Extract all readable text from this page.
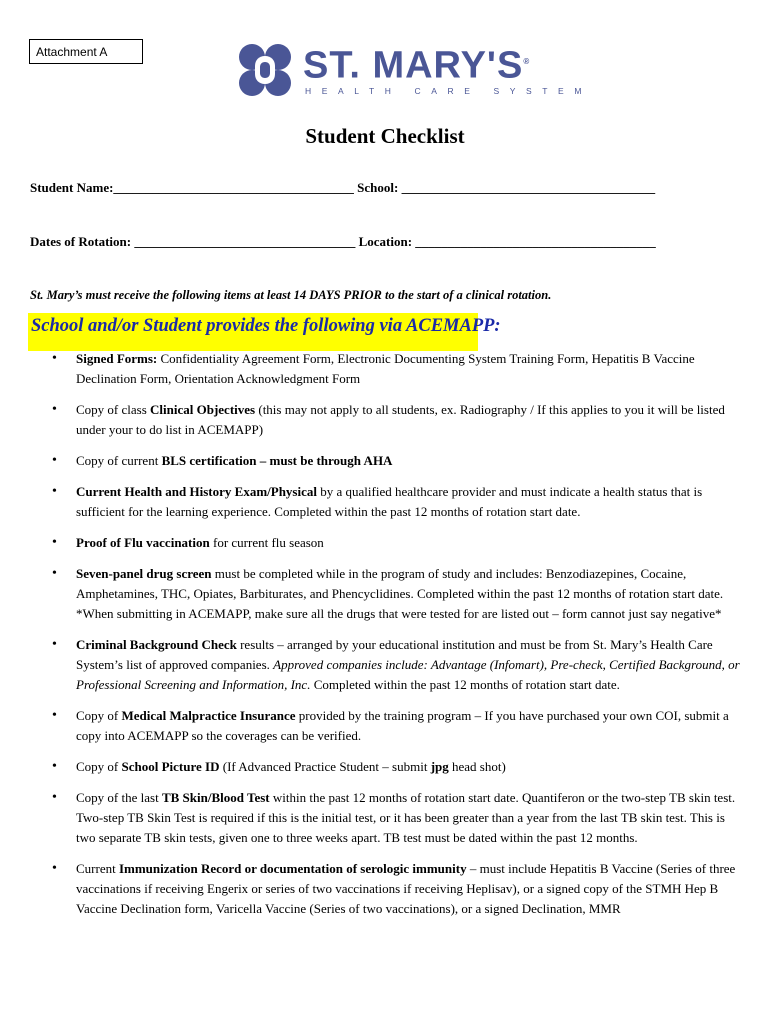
Attachment A	ST. MARY'S®
HEALTH CARE SYSTEM
Student Checklist
Student Name:_____________________________________ School: _______________________________________
Dates of Rotation: __________________________________ Location: _____________________________________
St. Mary’s must receive the following items at least 14 DAYS PRIOR to the start of a clinical rotation.
School and/or Student provides the following via ACEMAPP:
• Signed Forms: Confidentiality Agreement Form, Electronic Documenting System Training Form, Hepatitis B Vaccine Declination Form, Orientation Acknowledgment Form
• Copy of class Clinical Objectives (this may not apply to all students, ex. Radiography / If this applies to you it will be listed under your to do list in ACEMAPP)
• Copy of current BLS certification – must be through AHA
• Current Health and History Exam/Physical by a qualified healthcare provider and must indicate a health status that is sufficient for the learning experience. Completed within the past 12 months of rotation start date.
• Proof of Flu vaccination for current flu season
• Seven-panel drug screen must be completed while in the program of study and includes: Benzodiazepines, Cocaine, Amphetamines, THC, Opiates, Barbiturates, and Phencyclidines. Completed within the past 12 months of rotation start date. *When submitting in ACEMAPP, make sure all the drugs that were tested for are listed out – form cannot just say negative*
• Criminal Background Check results – arranged by your educational institution and must be from St. Mary’s Health Care System’s list of approved companies. Approved companies include: Advantage (Infomart), Pre-check, Certified Background, or Professional Screening and Information, Inc. Completed within the past 12 months of rotation start date.
• Copy of Medical Malpractice Insurance provided by the training program – If you have purchased your own COI, submit a copy into ACEMAPP so the coverages can be verified.
• Copy of School Picture ID (If Advanced Practice Student – submit jpg head shot)
• Copy of the last TB Skin/Blood Test within the past 12 months of rotation start date. Quantiferon or the two-step TB skin test. Two-step TB Skin Test is required if this is the initial test, or it has been greater than a year from the last TB skin test. This is two separate TB skin tests, given one to three weeks apart. TB test must be dated within the past 12 months.
• Current Immunization Record or documentation of serologic immunity – must include Hepatitis B Vaccine (Series of three vaccinations if receiving Engerix or series of two vaccinations if receiving Heplisav), or a signed copy of the STMH Hep B Vaccine Declination form, Varicella Vaccine (Series of two vaccinations), or a signed Declination, MMR
